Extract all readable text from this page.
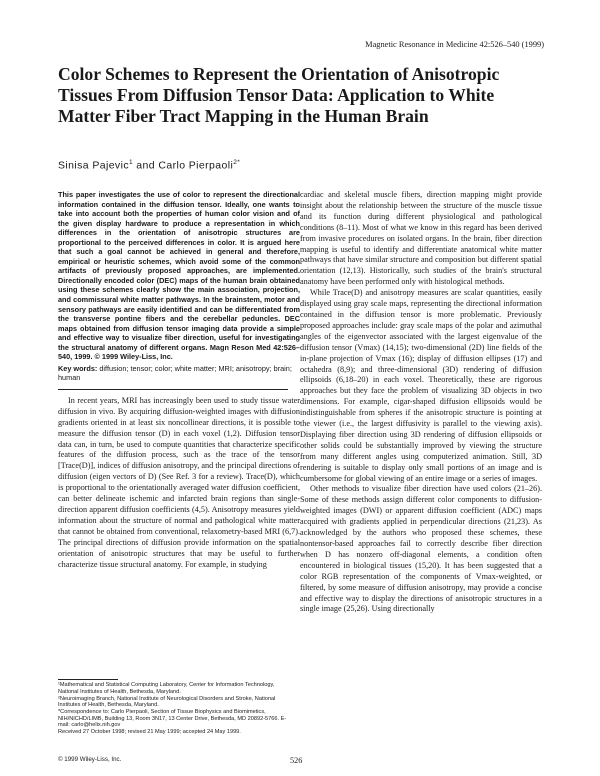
Magnetic Resonance in Medicine 42:526–540 (1999)
Color Schemes to Represent the Orientation of Anisotropic Tissues From Diffusion Tensor Data: Application to White Matter Fiber Tract Mapping in the Human Brain
Sinisa Pajevic$^1$ and Carlo Pierpaoli$^{2*}$

This paper investigates the use of color to represent the directional information contained in the diffusion tensor. Ideally, one wants to take into account both the properties of human color vision and of the given display hardware to produce a representation in which differences in the orientation of anisotropic structures are proportional to the perceived differences in color. It is argued here that such a goal cannot be achieved in general and therefore, empirical or heuristic schemes, which avoid some of the common artifacts of previously proposed approaches, are implemented. Directionally encoded color (DEC) maps of the human brain obtained using these schemes clearly show the main association, projection, and commissural white matter pathways. In the brainstem, motor and sensory pathways are easily identified and can be differentiated from the transverse pontine fibers and the cerebellar peduncles. DEC maps obtained from diffusion tensor imaging data provide a simple and effective way to visualize fiber direction, useful for investigating the structural anatomy of different organs. Magn Reson Med 42:526–540, 1999. © 1999 Wiley-Liss, Inc.

Key words: diffusion; tensor; color; white matter; MRI; anisotropy; brain; human

In recent years, MRI has increasingly been used to study tissue water diffusion in vivo. By acquiring diffusion-weighted images with diffusion gradients oriented in at least six noncollinear directions, it is possible to measure the diffusion tensor (D) in each voxel (1,2). Diffusion tensor data can, in turn, be used to compute quantities that characterize specific features of the diffusion process, such as the trace of the tensor [Trace(D)], indices of diffusion anisotropy, and the principal directions of diffusion (eigen vectors of D) (See Ref. 3 for a review). Trace(D), which is proportional to the orientationally averaged water diffusion coefficient, can better delineate ischemic and infarcted brain regions than single-direction apparent diffusion coefficients (4,5). Anisotropy measures yield information about the structure of normal and pathological white matter that cannot be obtained from conventional, relaxometry-based MRI (6,7). The principal directions of diffusion provide information on the spatial orientation of anisotropic structures that may be useful to further characterize tissue structural anatomy. For example, in studying

cardiac and skeletal muscle fibers, direction mapping might provide insight about the relationship between the structure of the muscle tissue and its function during different physiological and pathological conditions (8–11). Most of what we know in this regard has been derived from invasive procedures on isolated organs. In the brain, fiber direction mapping is useful to identify and differentiate anatomical white matter pathways that have similar structure and composition but different spatial orientation (12,13). Historically, such studies of the brain's structural anatomy have been performed only with histological methods.

While Trace(D) and anisotropy measures are scalar quantities, easily displayed using gray scale maps, representing the directional information contained in the diffusion tensor is more problematic. Previously proposed approaches include: gray scale maps of the polar and azimuthal angles of the eigenvector associated with the largest eigenvalue of the diffusion tensor (Vmax) (14,15); two-dimensional (2D) line fields of the in-plane projection of Vmax (16); display of diffusion ellipses (17) and octahedra (8,9); and three-dimensional (3D) rendering of diffusion ellipsoids (6,18–20) in each voxel. Theoretically, these are rigorous approaches but they face the problem of visualizing 3D objects in two dimensions. For example, cigar-shaped diffusion ellipsoids would be indistinguishable from spheres if the anisotropic structure is pointing at the viewer (i.e., the largest diffusivity is parallel to the viewing axis). Displaying fiber direction using 3D rendering of diffusion ellipsoids or other solids could be substantially improved by viewing the structure from many different angles using computerized animation. Still, 3D rendering is suitable to display only small portions of an image and is cumbersome for global viewing of an entire image or a series of images.

Other methods to visualize fiber direction have used colors (21–26). Some of these methods assign different color components to diffusion-weighted images (DWI) or apparent diffusion coefficient (ADC) maps acquired with gradients applied in perpendicular directions (21,23). As acknowledged by the authors who proposed these schemes, these nontensor-based approaches fail to correctly describe fiber direction when D has nonzero off-diagonal elements, a condition often encountered in biological tissues (15,20). It has been suggested that a color RGB representation of the components of Vmax-weighted, or filtered, by some measure of diffusion anisotropy, may provide a concise and effective way to display the directions of anisotropic structures in a single image (25,26). Using directionally

¹Mathematical and Statistical Computing Laboratory, Center for Information Technology, National Institutes of Health, Bethesda, Maryland.

²Neuroimaging Branch, National Institute of Neurological Disorders and Stroke, National Institutes of Health, Bethesda, Maryland.

*Correspondence to: Carlo Pierpaoli, Section of Tissue Biophysics and Biomimetics, NIH/NICHD/LIMB, Building 13, Room 3N17, 13 Center Drive, Bethesda, MD 20892-5766. E-mail: carlo@helix.nih.gov

Received 27 October 1998; revised 21 May 1999; accepted 24 May 1999.

© 1999 Wiley-Liss, Inc.	526
